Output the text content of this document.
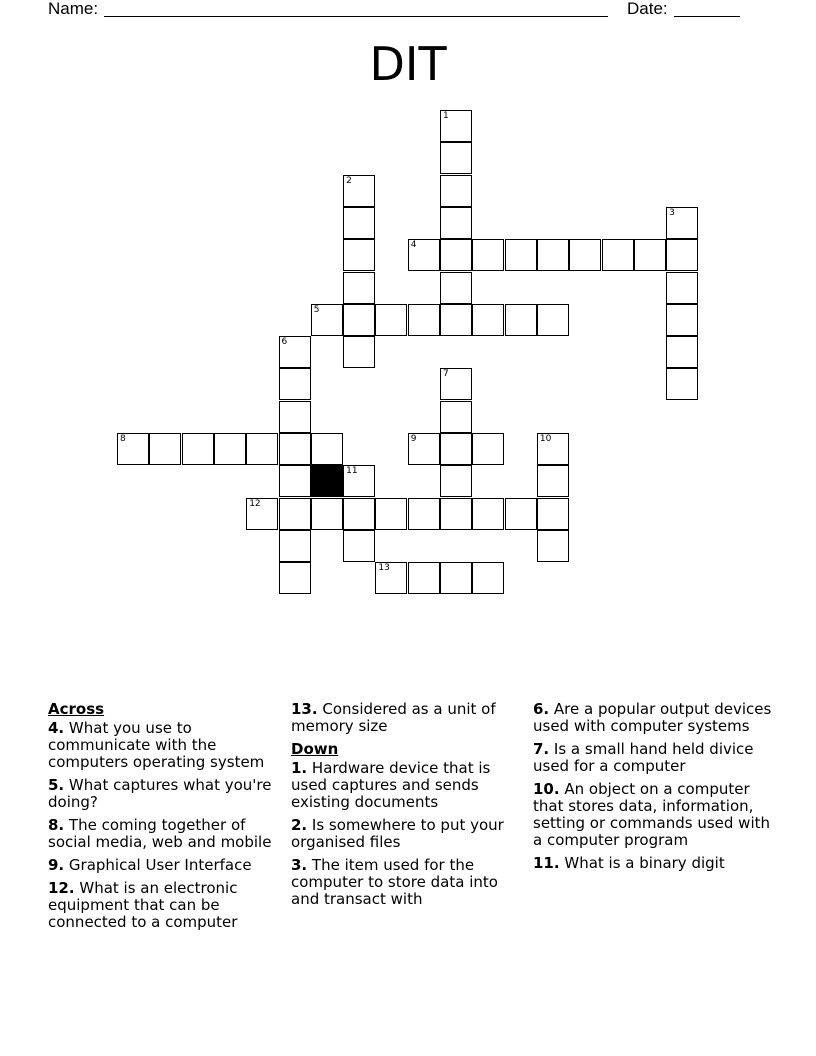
Name:	Date:
DIT
1
2
3
4
5
6
7
8	9	10
11
12
13
Across
4. What you use to communicate with the computers operating system
5. What captures what you're doing?
8. The coming together of social media, web and mobile
9. Graphical User Interface
12. What is an electronic equipment that can be connected to a computer
13. Considered as a unit of memory size
Down
1. Hardware device that is used captures and sends existing documents
2. Is somewhere to put your organised files
3. The item used for the computer to store data into and transact with
6. Are a popular output devices used with computer systems
7. Is a small hand held divice used for a computer
10. An object on a computer that stores data, information, setting or commands used with a computer program
11. What is a binary digit
